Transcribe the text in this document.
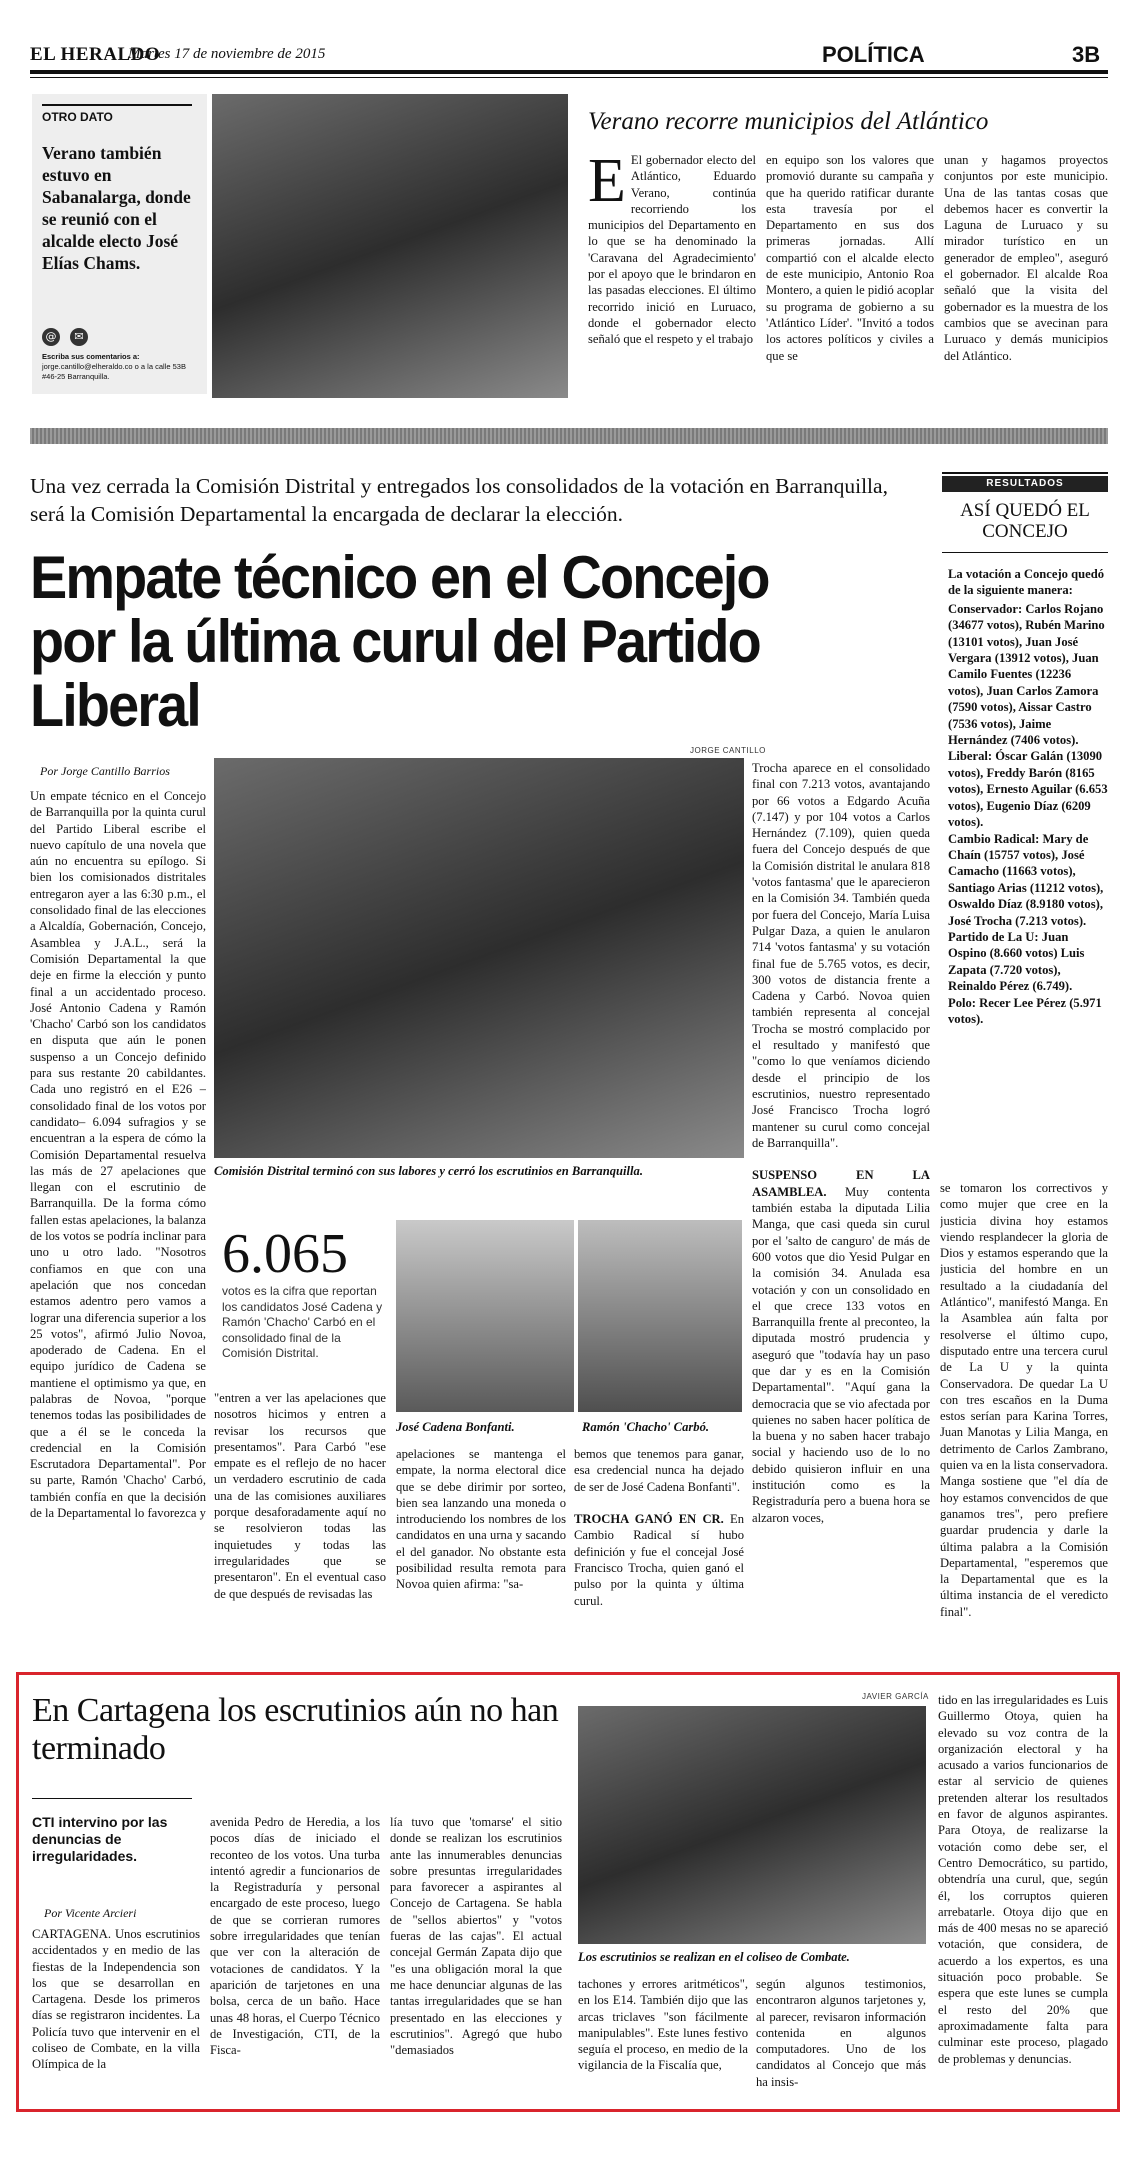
EL HERALDO
Martes 17 de noviembre de 2015	POLÍTICA	3B
OTRO DATO
Verano también estuvo en Sabanalarga, donde se reunió con el alcalde electo José Elías Chams.
@	✉
Escriba sus comentarios a: jorge.cantillo@elheraldo.co o a la calle 53B #46-25 Barranquilla.
Verano recorre municipios del Atlántico
E El gobernador electo del Atlántico, Eduardo Verano, continúa recorriendo los municipios del Departamento en lo que se ha denominado la 'Caravana del Agradecimiento' por el apoyo que le brindaron en las pasadas elecciones. El último recorrido inició en Luruaco, donde el gobernador electo señaló que el respeto y el trabajo
en equipo son los valores que promovió durante su campaña y que ha querido ratificar durante esta travesía por el Departamento en sus dos primeras jornadas. Allí compartió con el alcalde electo de este municipio, Antonio Roa Montero, a quien le pidió acoplar su programa de gobierno a su 'Atlántico Líder'. "Invitó a todos los actores políticos y civiles a que se
unan y hagamos proyectos conjuntos por este municipio. Una de las tantas cosas que debemos hacer es convertir la Laguna de Luruaco y su mirador turístico en un generador de empleo", aseguró el gobernador. El alcalde Roa señaló que la visita del gobernador es la muestra de los cambios que se avecinan para Luruaco y demás municipios del Atlántico.
Una vez cerrada la Comisión Distrital y entregados los consolidados de la votación en Barranquilla, será la Comisión Departamental la encargada de declarar la elección.
Empate técnico en el Concejo por la última curul del Partido Liberal
RESULTADOS
ASÍ QUEDÓ EL CONCEJO
La votación a Concejo quedó de la siguiente manera:
Conservador: Carlos Rojano (34677 votos), Rubén Marino (13101 votos), Juan José Vergara (13912 votos), Juan Camilo Fuentes (12236 votos), Juan Carlos Zamora (7590 votos), Aissar Castro (7536 votos), Jaime Hernández (7406 votos).
Liberal: Óscar Galán (13090 votos), Freddy Barón (8165 votos), Ernesto Aguilar (6.653 votos), Eugenio Díaz (6209 votos).
Cambio Radical: Mary de Chaín (15757 votos), José Camacho (11663 votos), Santiago Arias (11212 votos), Oswaldo Díaz (8.9180 votos), José Trocha (7.213 votos).
Partido de La U: Juan Ospino (8.660 votos) Luis Zapata (7.720 votos), Reinaldo Pérez (6.749).
Polo: Recer Lee Pérez (5.971 votos).
Por Jorge Cantillo Barrios
Un empate técnico en el Concejo de Barranquilla por la quinta curul del Partido Liberal escribe el nuevo capítulo de una novela que aún no encuentra su epílogo. Si bien los comisionados distritales entregaron ayer a las 6:30 p.m., el consolidado final de las elecciones a Alcaldía, Gobernación, Concejo, Asamblea y J.A.L., será la Comisión Departamental la que deje en firme la elección y punto final a un accidentado proceso. José Antonio Cadena y Ramón 'Chacho' Carbó son los candidatos en disputa que aún le ponen suspenso a un Concejo definido para sus restante 20 cabildantes. Cada uno registró en el E26 –consolidado final de los votos por candidato– 6.094 sufragios y se encuentran a la espera de cómo la Comisión Departamental resuelva las más de 27 apelaciones que llegan con el escrutinio de Barranquilla. De la forma cómo fallen estas apelaciones, la balanza de los votos se podría inclinar para uno u otro lado. "Nosotros confiamos en que con una apelación que nos concedan estamos adentro pero vamos a lograr una diferencia superior a los 25 votos", afirmó Julio Novoa, apoderado de Cadena. En el equipo jurídico de Cadena se mantiene el optimismo ya que, en palabras de Novoa, "porque tenemos todas las posibilidades de que a él se le conceda la credencial en la Comisión Escrutadora Departamental". Por su parte, Ramón 'Chacho' Carbó, también confía en que la decisión de la Departamental lo favorezca y
JORGE CANTILLO
Comisión Distrital terminó con sus labores y cerró los escrutinios en Barranquilla.
6.065
votos es la cifra que reportan los candidatos José Cadena y Ramón 'Chacho' Carbó en el consolidado final de la Comisión Distrital.
"entren a ver las apelaciones que nosotros hicimos y entren a revisar los recursos que presentamos". Para Carbó "ese empate es el reflejo de no hacer un verdadero escrutinio de cada una de las comisiones auxiliares porque desaforadamente aquí no se resolvieron todas las inquietudes y todas las irregularidades que se presentaron". En el eventual caso de que después de revisadas las
José Cadena Bonfanti.	Ramón 'Chacho' Carbó.
apelaciones se mantenga el empate, la norma electoral dice que se debe dirimir por sorteo, bien sea lanzando una moneda o introduciendo los nombres de los candidatos en una urna y sacando el del ganador. No obstante esta posibilidad resulta remota para Novoa quien afirma: "sa-
bemos que tenemos para ganar, esa credencial nunca ha dejado de ser de José Cadena Bonfanti".

TROCHA GANÓ EN CR. En Cambio Radical sí hubo definición y fue el concejal José Francisco Trocha, quien ganó el pulso por la quinta y última curul.
Trocha aparece en el consolidado final con 7.213 votos, avantajando por 66 votos a Edgardo Acuña (7.147) y por 104 votos a Carlos Hernández (7.109), quien queda fuera del Concejo después de que la Comisión distrital le anulara 818 'votos fantasma' que le aparecieron en la Comisión 34. También queda por fuera del Concejo, María Luisa Pulgar Daza, a quien le anularon 714 'votos fantasma' y su votación final fue de 5.765 votos, es decir, 300 votos de distancia frente a Cadena y Carbó. Novoa quien también representa al concejal Trocha se mostró complacido por el resultado y manifestó que "como lo que veníamos diciendo desde el principio de los escrutinios, nuestro representado José Francisco Trocha logró mantener su curul como concejal de Barranquilla".

SUSPENSO EN LA ASAMBLEA. Muy contenta también estaba la diputada Lilia Manga, que casi queda sin curul por el 'salto de canguro' de más de 600 votos que dio Yesid Pulgar en la comisión 34. Anulada esa votación y con un consolidado en el que crece 133 votos en Barranquilla frente al preconteo, la diputada mostró prudencia y aseguró que "todavía hay un paso que dar y es en la Comisión Departamental". "Aquí gana la democracia que se vio afectada por quienes no saben hacer política de la buena y no saben hacer trabajo social y haciendo uso de lo no debido quisieron influir en una institución como es la Registraduría pero a buena hora se alzaron voces,
se tomaron los correctivos y como mujer que cree en la justicia divina hoy estamos viendo resplandecer la gloria de Dios y estamos esperando que la justicia del hombre en un resultado a la ciudadanía del Atlántico", manifestó Manga. En la Asamblea aún falta por resolverse el último cupo, disputado entre una tercera curul de La U y la quinta Conservadora. De quedar La U con tres escaños en la Duma estos serían para Karina Torres, Juan Manotas y Lilia Manga, en detrimento de Carlos Zambrano, quien va en la lista conservadora. Manga sostiene que "el día de hoy estamos convencidos de que ganamos tres", pero prefiere guardar prudencia y darle la última palabra a la Comisión Departamental, "esperemos que la Departamental que es la última instancia de el veredicto final".
En Cartagena los escrutinios aún no han terminado
CTI intervino por las denuncias de irregularidades.
Por Vicente Arcieri
CARTAGENA. Unos escrutinios accidentados y en medio de las fiestas de la Independencia son los que se desarrollan en Cartagena. Desde los primeros días se registraron incidentes. La Policía tuvo que intervenir en el coliseo de Combate, en la villa Olímpica de la
avenida Pedro de Heredia, a los pocos días de iniciado el reconteo de los votos. Una turba intentó agredir a funcionarios de la Registraduría y personal encargado de este proceso, luego de que se corrieran rumores sobre irregularidades que tenían que ver con la alteración de votaciones de candidatos. Y la aparición de tarjetones en una bolsa, cerca de un baño. Hace unas 48 horas, el Cuerpo Técnico de Investigación, CTI, de la Fisca-
lía tuvo que 'tomarse' el sitio donde se realizan los escrutinios ante las innumerables denuncias sobre presuntas irregularidades para favorecer a aspirantes al Concejo de Cartagena. Se habla de "sellos abiertos" y "votos fueras de las cajas". El actual concejal Germán Zapata dijo que "es una obligación moral la que me hace denunciar algunas de las tantas irregularidades que se han presentado en las elecciones y escrutinios". Agregó que hubo "demasiados
JAVIER GARCÍA
Los escrutinios se realizan en el coliseo de Combate.
tachones y errores aritméticos", en los E14. También dijo que las arcas triclaves "son fácilmente manipulables". Este lunes festivo seguía el proceso, en medio de la vigilancia de la Fiscalía que,
según algunos testimonios, encontraron algunos tarjetones y, al parecer, revisaron información contenida en algunos computadores. Uno de los candidatos al Concejo que más ha insis-
tido en las irregularidades es Luis Guillermo Otoya, quien ha elevado su voz contra de la organización electoral y ha acusado a varios funcionarios de estar al servicio de quienes pretenden alterar los resultados en favor de algunos aspirantes. Para Otoya, de realizarse la votación como debe ser, el Centro Democrático, su partido, obtendría una curul, que, según él, los corruptos quieren arrebatarle. Otoya dijo que en más de 400 mesas no se apareció votación, que considera, de acuerdo a los expertos, es una situación poco probable. Se espera que este lunes se cumpla el resto del 20% que aproximadamente falta para culminar este proceso, plagado de problemas y denuncias.
